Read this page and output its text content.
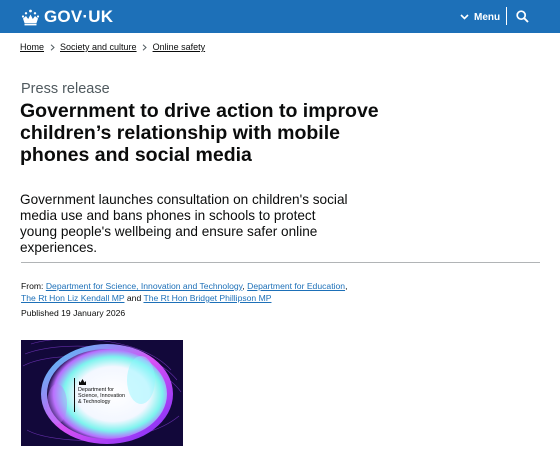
GOV·UK	Menu
Home Society and culture Online safety
Press release
Government to drive action to improve children’s relationship with mobile phones and social media

Government launches consultation on children's social media use and bans phones in schools to protect young people's wellbeing and ensure safer online experiences.

From: Department for Science, Innovation and Technology, Department for Education,
The Rt Hon Liz Kendall MP and The Rt Hon Bridget Phillipson MP
Published 19 January 2026
Department for
Science, Innovation
& Technology
